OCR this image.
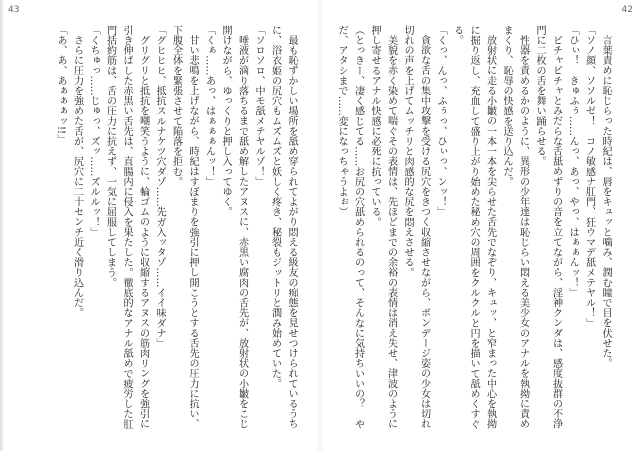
43	42

言葉責めに恥じらった時紀は、唇をキュッと噛み、潤む瞳で目を伏せた。

「ソノ顔、ソソルゼ！　コノ敏感ナ肛門、狂ウマデ舐メテヤル！」

「ひぃ！　きゅふぅ……んっ、あっ、やっ、はぁぁんッ！」

ピチャピチャとみだらな舌舐めずりの音を立てながら、淫神クンダは、感度抜群の不浄門に二枚の舌を舞い踊らせる。

性器を責めるかのように、異形の少年達は恥じらい悶える美少女のアナルを執拗に責めまくり、恥辱の快感を送り込んだ。

放射状に走る小皺の一本一本を尖らせた舌先でなぞり、キュッ、と窄まった中心を執拗に掘り返し、充血して盛り上がり始めた秘め穴の周囲をクルクルと円を描いて舐めくすぐる。

「くっ、んっ、ふぅっ、ひぃっ、ンッ！」

貪欲な舌の集中攻撃を受ける尻穴をきつく収縮させながら、ボンデージ姿の少女は切れ切れの声を上げてムッチリと肉感的な尻を悶えさせる。

美貌を赤く染めて喘ぐその表情は、先ほどまでの余裕の表情は消え失せ、津波のように押し寄せるアナル快感に必死に抗っている。

（とっきー、凄く感じてる……お尻の穴舐められるのって、そんなに気持ちいいの？　やだ、アタシまで……変になっちゃうよぉ）

最も恥ずかしい場所を舐め穿られてよがり悶える級友の痴態を見せつけられているうちに、浴衣姫の尻穴もムズムズと妖しく疼き、秘裂もジットリと潤み始めていた。

「ソロソロ、中モ舐メテヤルゾ！」

唾液が滴り落ちるまで舐め解したアヌスに、赤黒い腐肉の舌先が、放射状の小皺をこじ開けながら、ゆっくりと押し入ってゆく。

「くぁ……あっ、はぁぁぁんッ！」

甘い悲鳴を上げながら、時紀はすぼまりを強引に押し開こうとする舌先の圧力に抗い、下腹全体を緊張させて陥落を拒む。

「グヒヒヒ、抵抗スルナケツ穴ダゾ……先ガ入ッタゾ……イイ味ダナ」

グリグリと抵抗を嘲笑うように、輪ゴムのように収縮するアヌスの筋肉リングを強引に引き伸ばした赤黒い舌先は、直腸内に侵入を果たした。徹底的なアナル舐めで疲労した肛門括約筋は、舌の圧力に抗えず、一気に屈服してしまう。

「くちゅっ……じゅっ、ズッ……ズルルッ！」

さらに圧力を強めた舌が、尻穴に二十センチ近く滑り込んだ。

「あ、あ、あぁぁぁッ!!」
